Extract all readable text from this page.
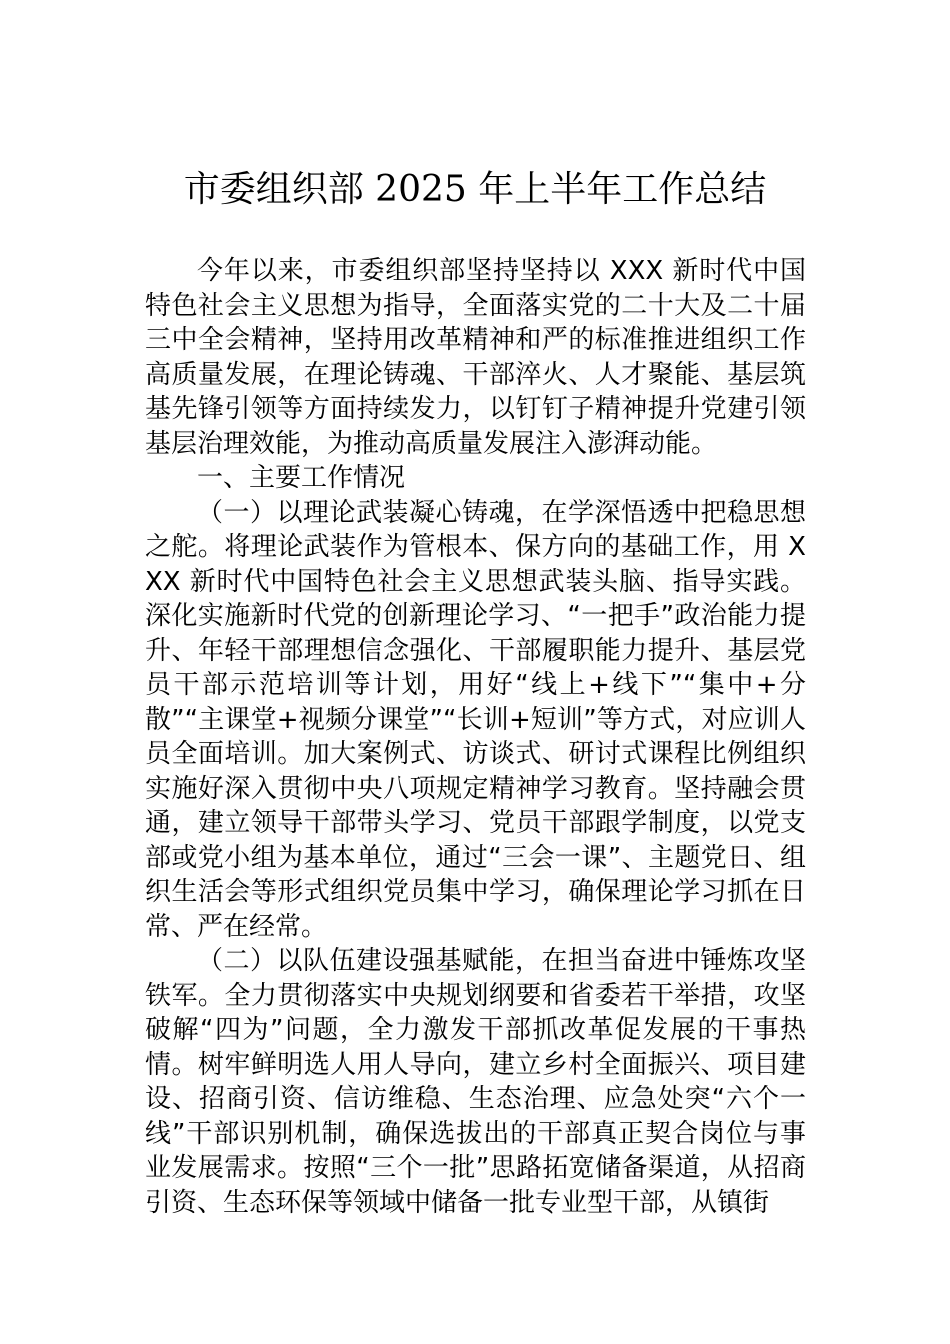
市委组织部 2025 年上半年工作总结

今年以来，市委组织部坚持坚持以 XXX 新时代中国特色社会主义思想为指导，全面落实党的二十大及二十届三中全会精神，坚持用改革精神和严的标准推进组织工作高质量发展，在理论铸魂、干部淬火、人才聚能、基层筑基先锋引领等方面持续发力，以钉钉子精神提升党建引领基层治理效能，为推动高质量发展注入澎湃动能。

一、主要工作情况

（一）以理论武装凝心铸魂，在学深悟透中把稳思想之舵。将理论武装作为管根本、保方向的基础工作，用 XXX 新时代中国特色社会主义思想武装头脑、指导实践。深化实施新时代党的创新理论学习、“一把手”政治能力提升、年轻干部理想信念强化、干部履职能力提升、基层党员干部示范培训等计划，用好“线上+线下”“集中+分散”“主课堂+视频分课堂”“长训+短训”等方式，对应训人员全面培训。加大案例式、访谈式、研讨式课程比例组织实施好深入贯彻中央八项规定精神学习教育。坚持融会贯通，建立领导干部带头学习、党员干部跟学制度，以党支部或党小组为基本单位，通过“三会一课”、主题党日、组织生活会等形式组织党员集中学习，确保理论学习抓在日常、严在经常。

（二）以队伍建设强基赋能，在担当奋进中锤炼攻坚铁军。全力贯彻落实中央规划纲要和省委若干举措，攻坚破解“四为”问题，全力激发干部抓改革促发展的干事热情。树牢鲜明选人用人导向，建立乡村全面振兴、项目建设、招商引资、信访维稳、生态治理、应急处突“六个一线”干部识别机制，确保选拔出的干部真正契合岗位与事业发展需求。按照“三个一批”思路拓宽储备渠道，从招商引资、生态环保等领域中储备一批专业型干部，从镇街
